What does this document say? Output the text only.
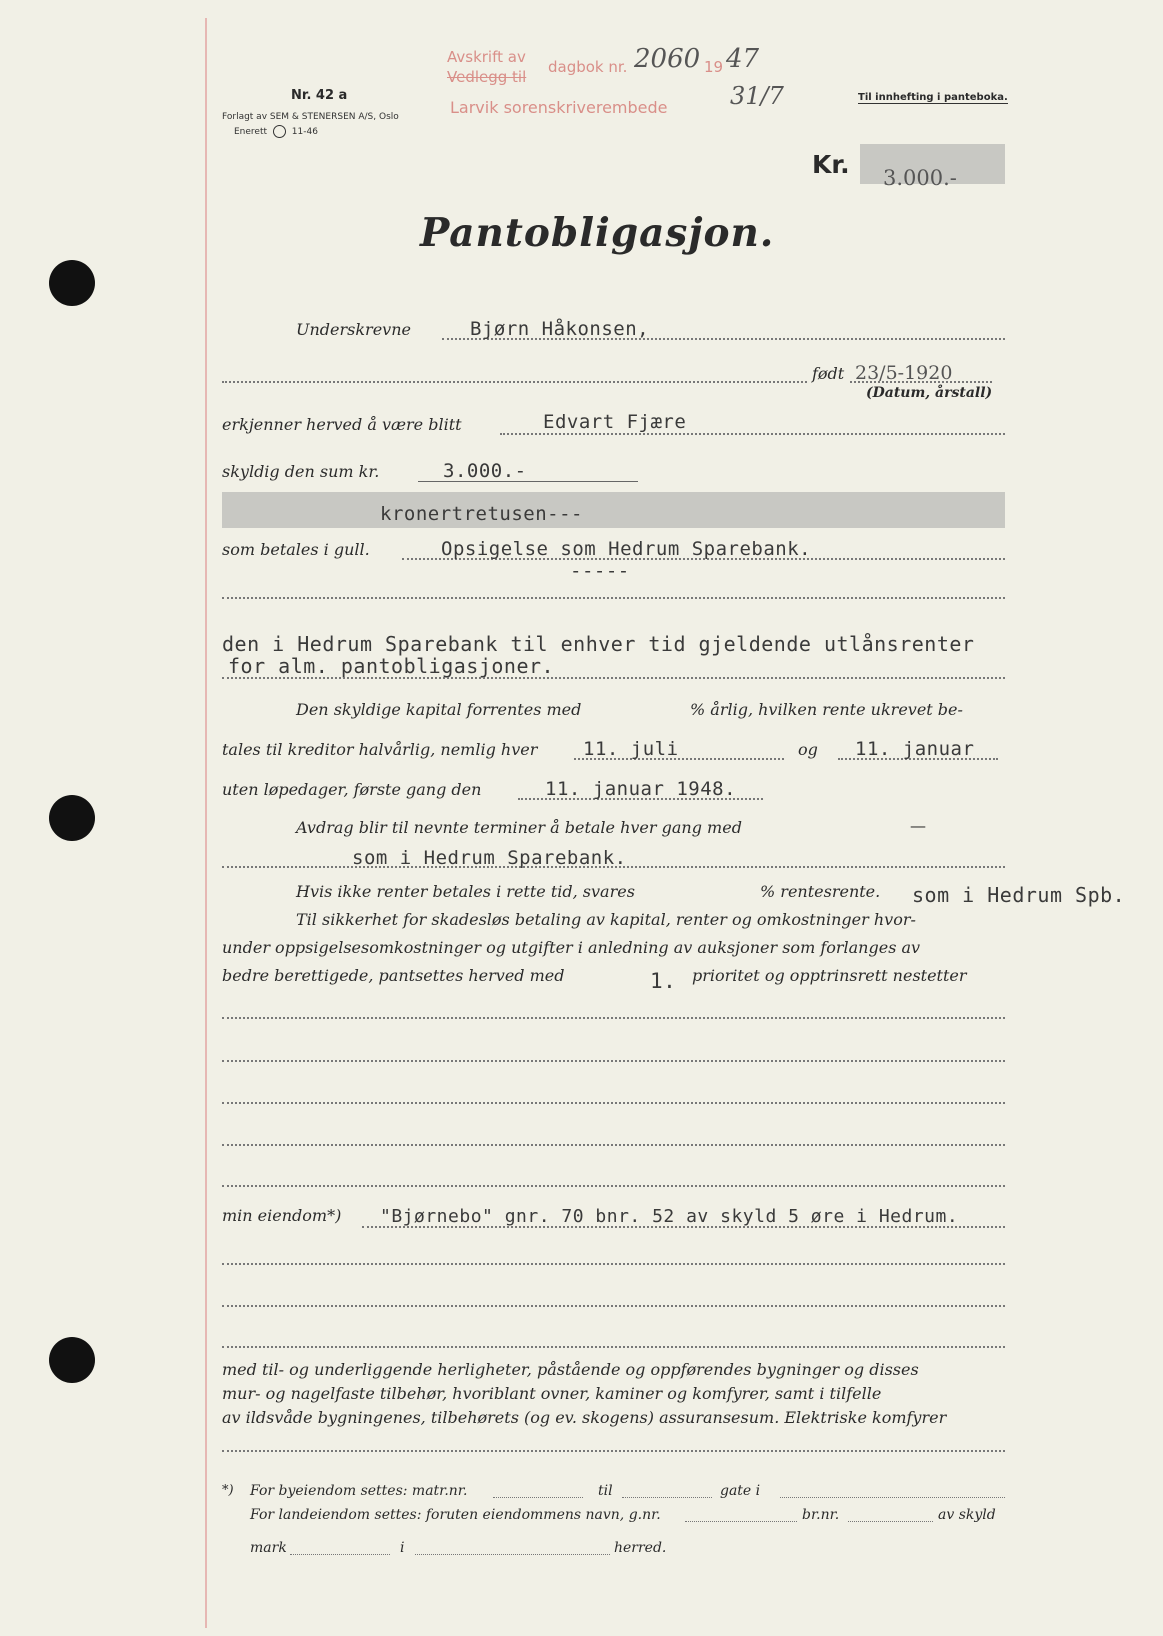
Avskrift av
Vedlegg til
dagbok nr. 2060 19 47
31/7
Larvik sorenskriverembede
Nr. 42 a
Forlagt av SEM & STENERSEN A/S, Oslo
Enerett	11-46
Til innhefting i panteboka.
Kr. 3.000.-
Pantobligasjon.
Underskrevne	Bjørn Håkonsen,
født 23/5-1920
(Datum, årstall)
erkjenner herved å være blitt	Edvart Fjære
skyldig den sum kr.	3.000.-
kronertretusen---
som betales i gull.	Opsigelse som Hedrum Sparebank.
-----
den i Hedrum Sparebank til enhver tid gjeldende utlånsrenter
for alm. pantobligasjoner.
Den skyldige kapital forrentes med	% årlig, hvilken rente ukrevet be-
tales til kreditor halvårlig, nemlig hver 11. juli	og 11. januar
uten løpedager, første gang den	11. januar 1948.
Avdrag blir til nevnte terminer å betale hver gang med	—
som i Hedrum Sparebank.
Hvis ikke renter betales i rette tid, svares	% rentesrente. som i Hedrum Spb.
Til sikkerhet for skadesløs betaling av kapital, renter og omkostninger hvor-
under oppsigelsesomkostninger og utgifter i anledning av auksjoner som forlanges av
bedre berettigede, pantsettes herved med	1. prioritet og opptrinsrett nestetter
min eiendom*) "Bjørnebo" gnr. 70 bnr. 52 av skyld 5 øre i Hedrum.
med til- og underliggende herligheter, påstående og oppførendes bygninger og disses
mur- og nagelfaste tilbehør, hvoriblant ovner, kaminer og komfyrer, samt i tilfelle
av ildsvåde bygningenes, tilbehørets (og ev. skogens) assuransesum. Elektriske komfyrer
*) For byeiendom settes: matr.nr.	til	gate i
For landeiendom settes: foruten eiendommens navn, g.nr.	br.nr.	av skyld
mark	i	herred.
